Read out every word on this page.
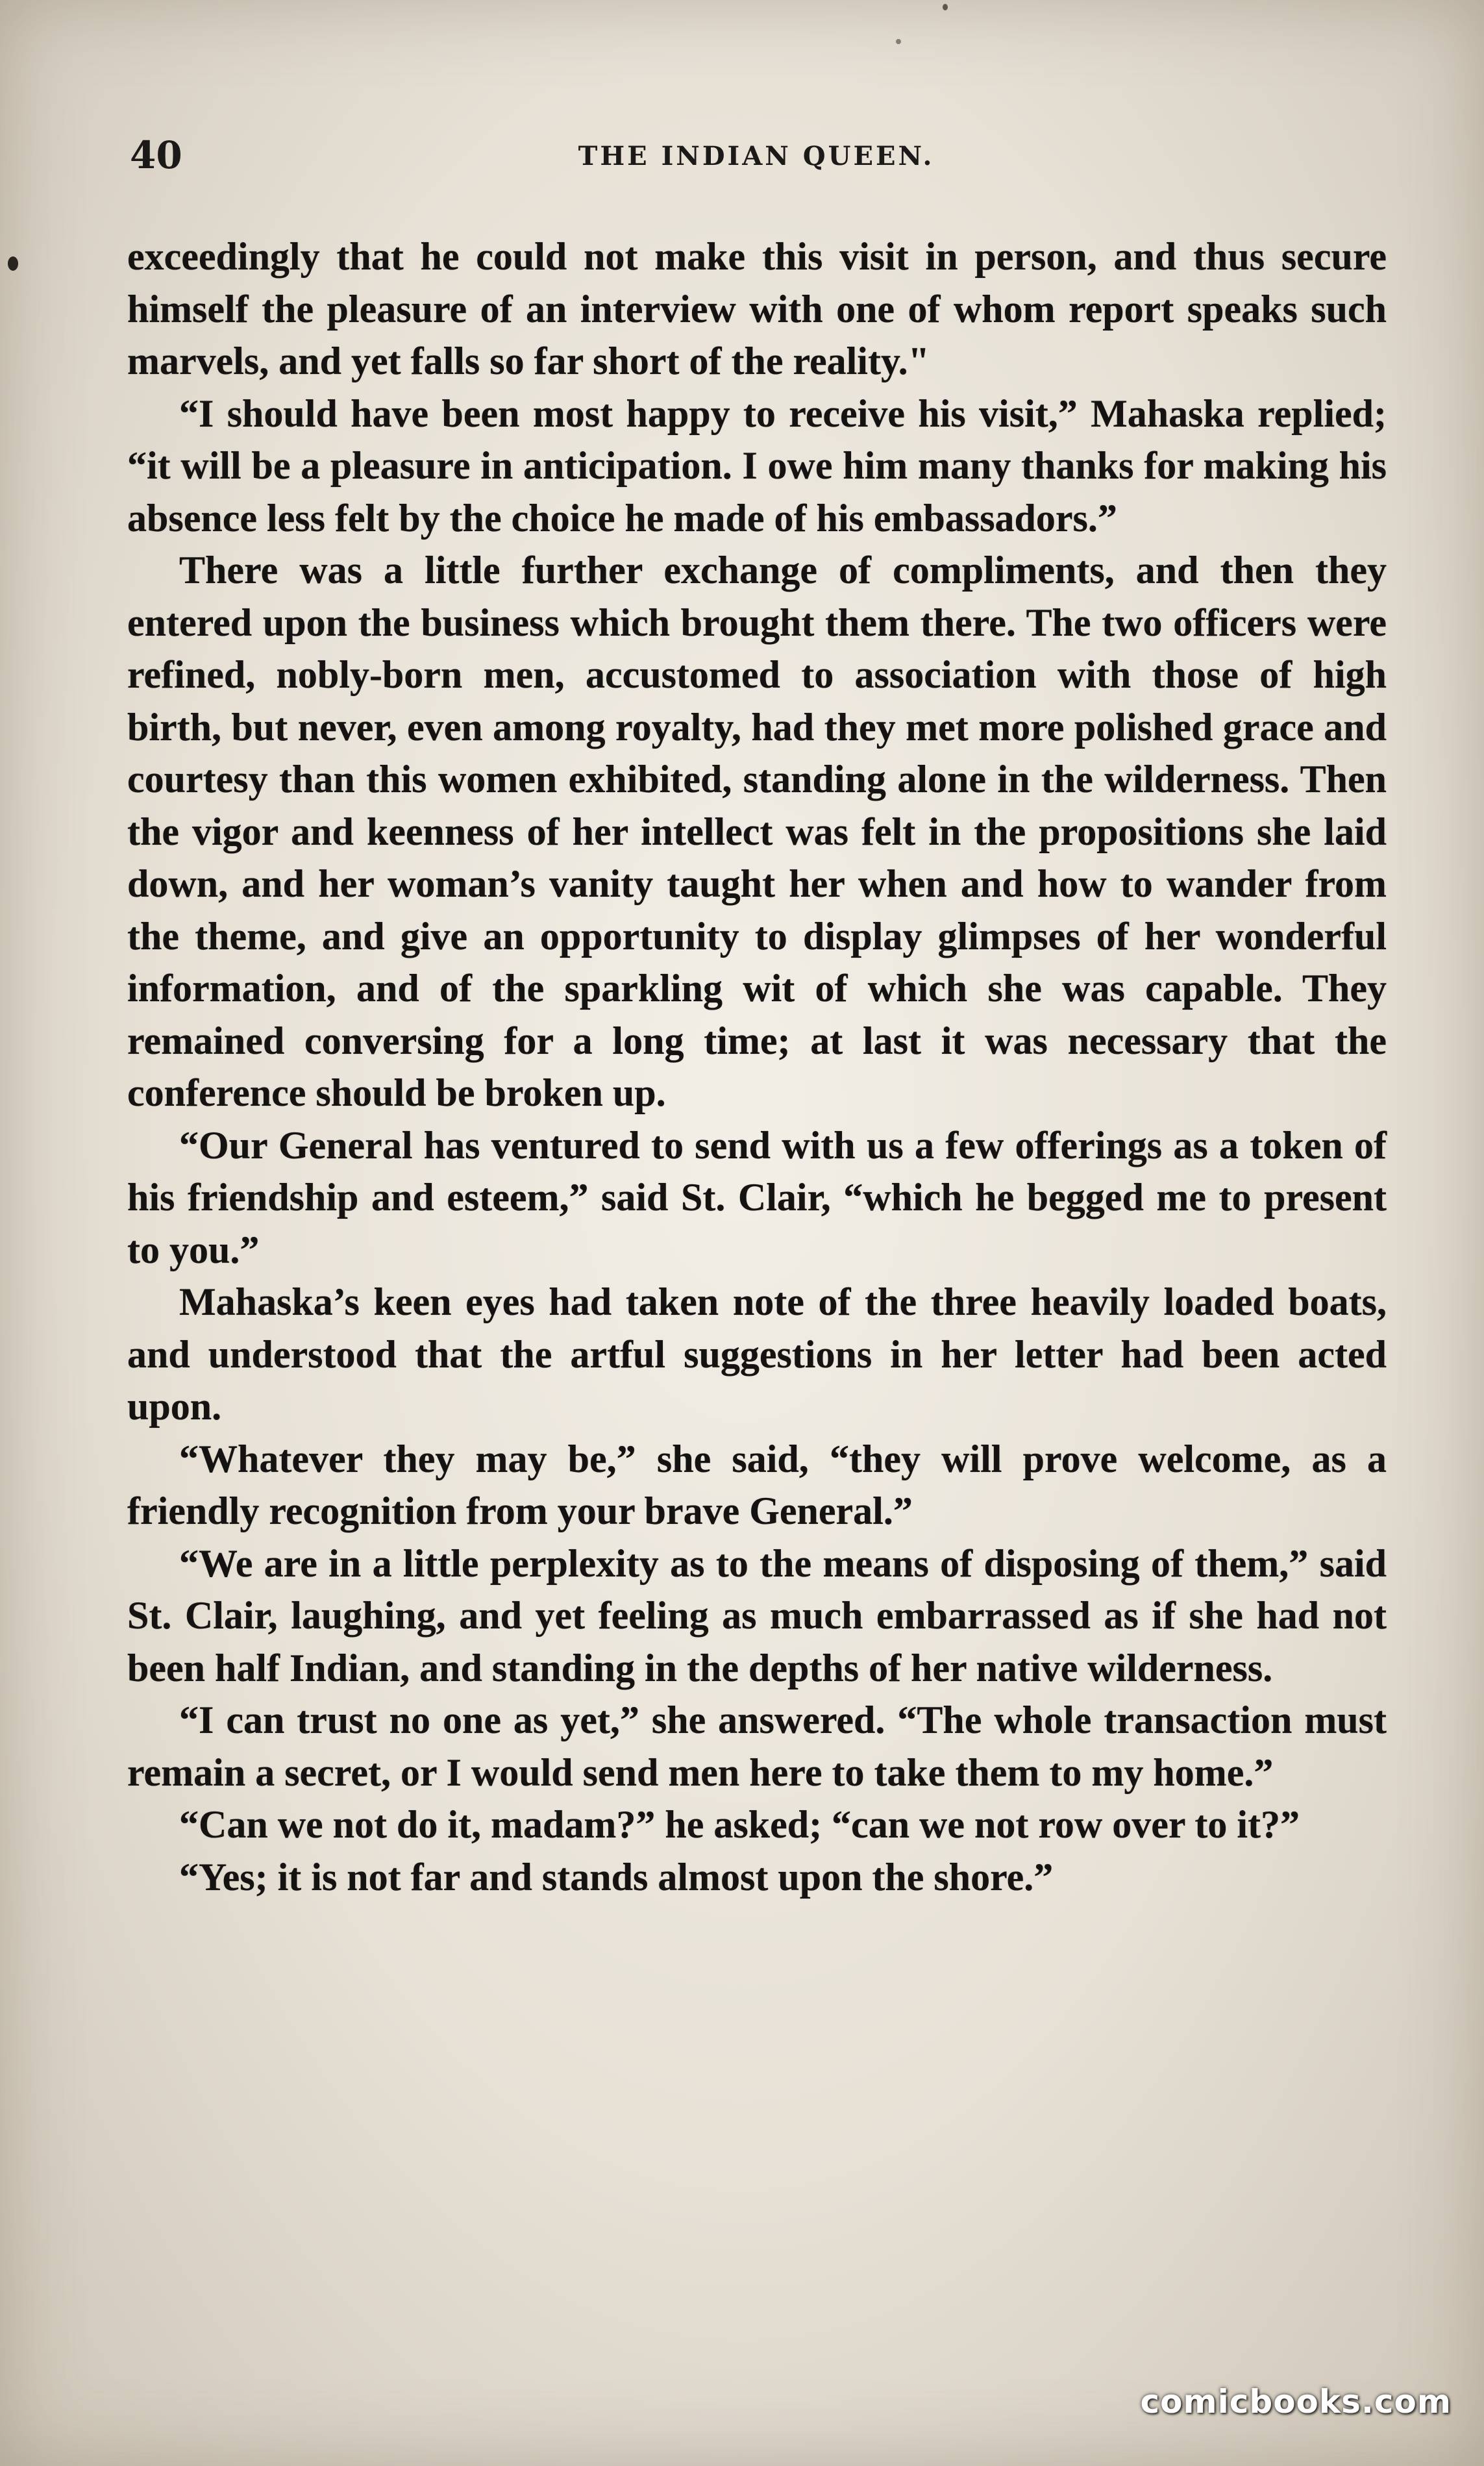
40	THE INDIAN QUEEN.

exceedingly that he could not make this visit in person, and thus secure himself the pleasure of an interview with one of whom report speaks such marvels, and yet falls so far short of the reality."

“I should have been most happy to receive his visit,” Mahaska replied; “it will be a pleasure in anticipation. I owe him many thanks for making his absence less felt by the choice he made of his embassadors.”

There was a little further exchange of compliments, and then they entered upon the business which brought them there. The two officers were refined, nobly-born men, accustomed to association with those of high birth, but never, even among royalty, had they met more polished grace and courtesy than this women exhibited, standing alone in the wilderness. Then the vigor and keenness of her intellect was felt in the propositions she laid down, and her woman’s vanity taught her when and how to wander from the theme, and give an opportunity to display glimpses of her wonderful information, and of the sparkling wit of which she was capable. They remained conversing for a long time; at last it was necessary that the conference should be broken up.

“Our General has ventured to send with us a few offerings as a token of his friendship and esteem,” said St. Clair, “which he begged me to present to you.”

Mahaska’s keen eyes had taken note of the three heavily loaded boats, and understood that the artful suggestions in her letter had been acted upon.

“Whatever they may be,” she said, “they will prove welcome, as a friendly recognition from your brave General.”

“We are in a little perplexity as to the means of disposing of them,” said St. Clair, laughing, and yet feeling as much embarrassed as if she had not been half Indian, and standing in the depths of her native wilderness.

“I can trust no one as yet,” she answered. “The whole transaction must remain a secret, or I would send men here to take them to my home.”

“Can we not do it, madam?” he asked; “can we not row over to it?”

“Yes; it is not far and stands almost upon the shore.”

comicbooks.com
